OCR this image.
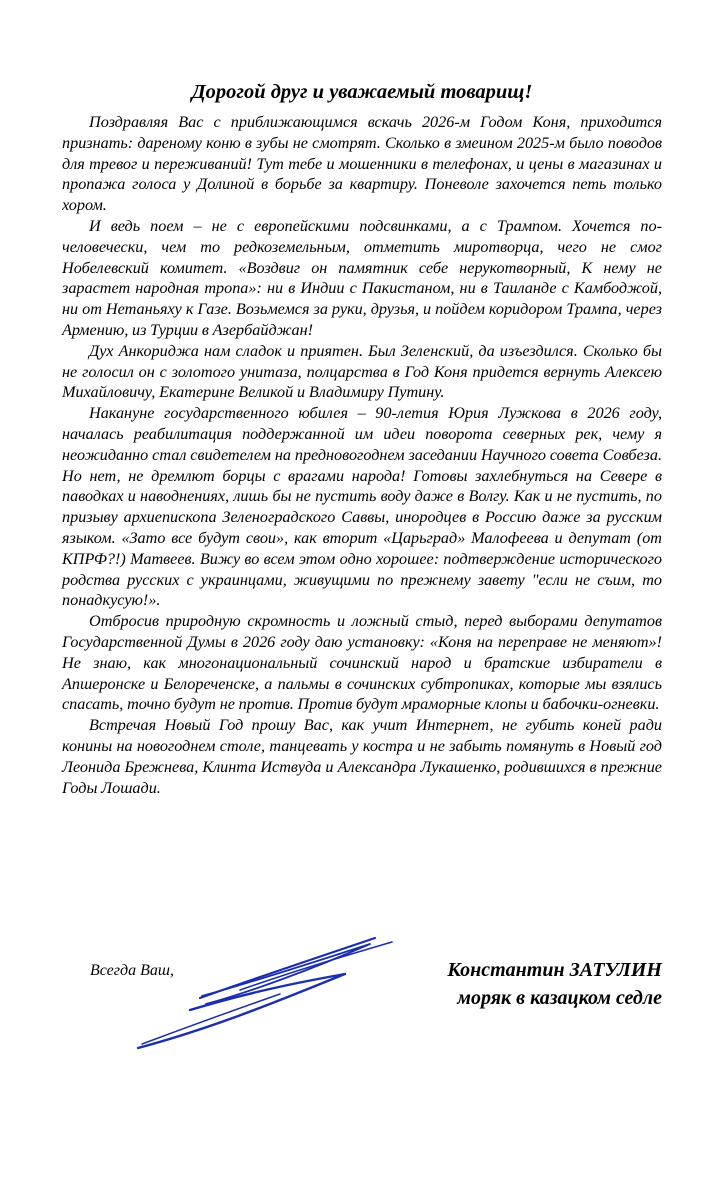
Дорогой друг и уважаемый товарищ!

Поздравляя Вас с приближающимся вскачь 2026-м Годом Коня, приходится признать: дареному коню в зубы не смотрят. Сколько в змеином 2025-м было поводов для тревог и переживаний! Тут тебе и мошенники в телефонах, и цены в магазинах и пропажа голоса у Долиной в борьбе за квартиру. Поневоле захочется петь только хором.

И ведь поем – не с европейскими подсвинками, а с Трампом. Хочется по-человечески, чем то редкоземельным, отметить миротворца, чего не смог Нобелевский комитет. «Воздвиг он памятник себе нерукотворный, К нему не зарастет народная тропа»: ни в Индии с Пакистаном, ни в Таиланде с Камбоджой, ни от Нетаньяху к Газе. Возьмемся за руки, друзья, и пойдем коридором Трампа, через Армению, из Турции в Азербайджан!

Дух Анкориджа нам сладок и приятен. Был Зеленский, да изъездился. Сколько бы не голосил он с золотого унитаза, полцарства в Год Коня придется вернуть Алексею Михайловичу, Екатерине Великой и Владимиру Путину.

Накануне государственного юбилея – 90-летия Юрия Лужкова в 2026 году, началась реабилитация поддержанной им идеи поворота северных рек, чему я неожиданно стал свидетелем на предновогоднем заседании Научного совета Совбеза. Но нет, не дремлют борцы с врагами народа! Готовы захлебнуться на Севере в паводках и наводнениях, лишь бы не пустить воду даже в Волгу. Как и не пустить, по призыву архиепископа Зеленоградского Саввы, инородцев в Россию даже за русским языком. «Зато все будут свои», как вторит «Царьград» Малофеева и депутат (от КПРФ?!) Матвеев. Вижу во всем этом одно хорошее: подтверждение исторического родства русских с украинцами, живущими по прежнему завету "если не съим, то понадкусую!».

Отбросив природную скромность и ложный стыд, перед выборами депутатов Государственной Думы в 2026 году даю установку: «Коня на переправе не меняют»! Не знаю, как многонациональный сочинский народ и братские избиратели в Апшеронске и Белореченске, а пальмы в сочинских субтропиках, которые мы взялись спасать, точно будут не против. Против будут мраморные клопы и бабочки-огневки.

Встречая Новый Год прошу Вас, как учит Интернет, не губить коней ради конины на новогоднем столе, танцевать у костра и не забыть помянуть в Новый год Леонида Брежнева, Клинта Иствуда и Александра Лукашенко, родившихся в прежние Годы Лошади.

Всегда Ваш,	Константин ЗАТУЛИН
моряк в казацком седле
